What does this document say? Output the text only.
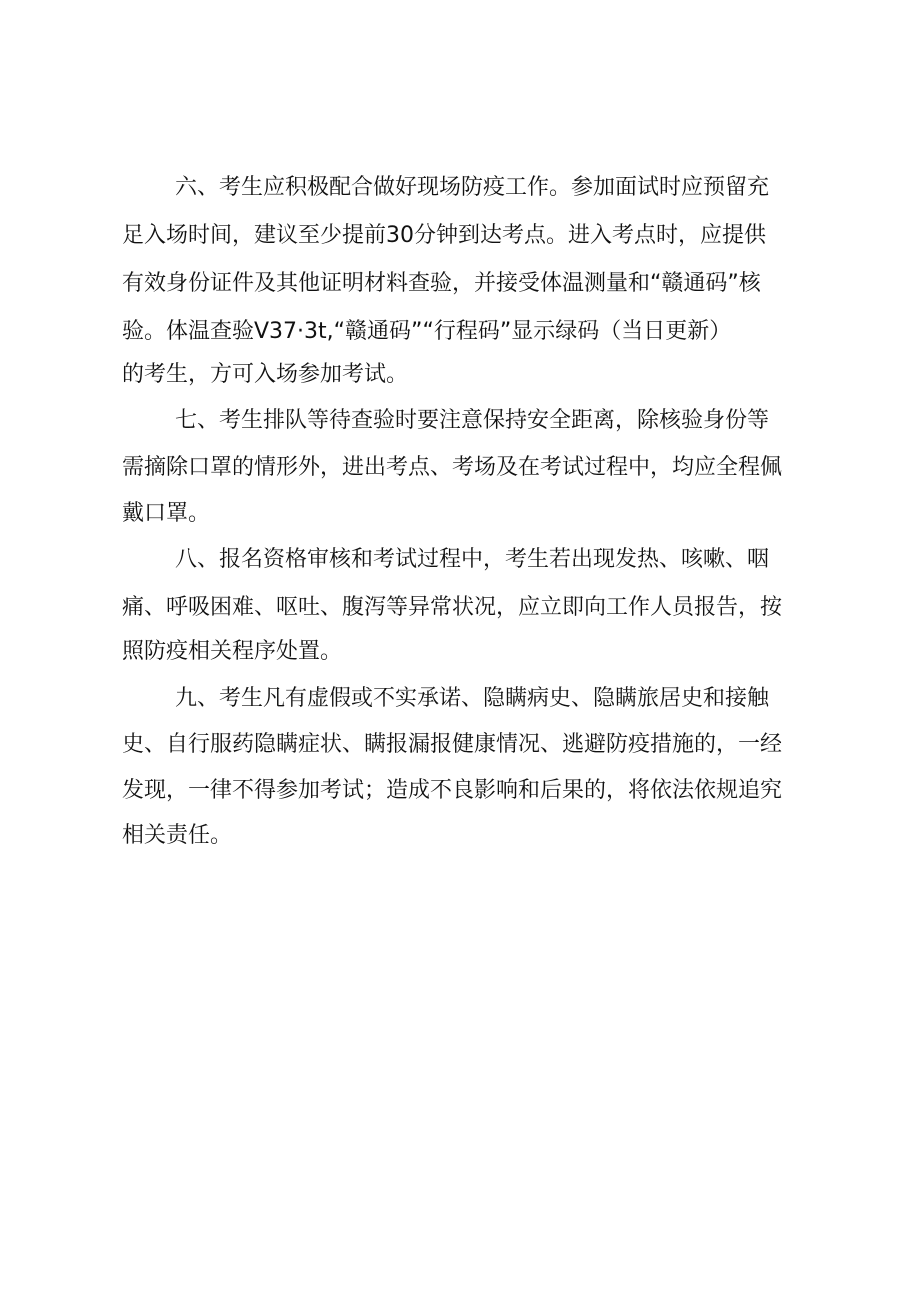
六、考生应积极配合做好现场防疫工作。参加面试时应预留充

足入场时间，建议至少提前30分钟到达考点。进入考点时，应提供

有效身份证件及其他证明材料查验，并接受体温测量和“赣通码”核

验。体温查验V37·3t,“赣通码”“行程码”显示绿码（当日更新）

的考生，方可入场参加考试。

七、考生排队等待查验时要注意保持安全距离，除核验身份等

需摘除口罩的情形外，进出考点、考场及在考试过程中，均应全程佩

戴口罩。

八、报名资格审核和考试过程中，考生若出现发热、咳嗽、咽

痛、呼吸困难、呕吐、腹泻等异常状况，应立即向工作人员报告，按

照防疫相关程序处置。

九、考生凡有虚假或不实承诺、隐瞒病史、隐瞒旅居史和接触

史、自行服药隐瞒症状、瞒报漏报健康情况、逃避防疫措施的，一经

发现，一律不得参加考试；造成不良影响和后果的，将依法依规追究

相关责任。
